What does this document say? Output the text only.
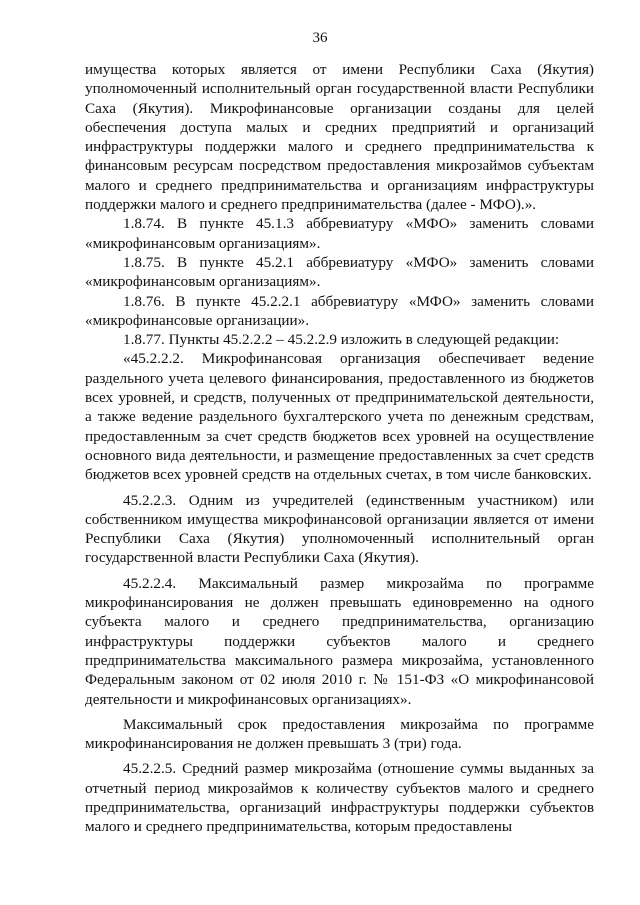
36

имущества которых является от имени Республики Саха (Якутия) уполномоченный исполнительный орган государственной власти Республики Саха (Якутия). Микрофинансовые организации созданы для целей обеспечения доступа малых и средних предприятий и организаций инфраструктуры поддержки малого и среднего предпринимательства к финансовым ресурсам посредством предоставления микрозаймов субъектам малого и среднего предпринимательства и организациям инфраструктуры поддержки малого и среднего предпринимательства (далее - МФО).».

1.8.74. В пункте 45.1.3 аббревиатуру «МФО» заменить словами «микрофинансовым организациям».

1.8.75. В пункте 45.2.1 аббревиатуру «МФО» заменить словами «микрофинансовым организациям».

1.8.76. В пункте 45.2.2.1 аббревиатуру «МФО» заменить словами «микрофинансовые организации».

1.8.77. Пункты 45.2.2.2 – 45.2.2.9 изложить в следующей редакции:

«45.2.2.2. Микрофинансовая организация обеспечивает ведение раздельного учета целевого финансирования, предоставленного из бюджетов всех уровней, и средств, полученных от предпринимательской деятельности, а также ведение раздельного бухгалтерского учета по денежным средствам, предоставленным за счет средств бюджетов всех уровней на осуществление основного вида деятельности, и размещение предоставленных за счет средств бюджетов всех уровней средств на отдельных счетах, в том числе банковских.

45.2.2.3. Одним из учредителей (единственным участником) или собственником имущества микрофинансовой организации является от имени Республики Саха (Якутия) уполномоченный исполнительный орган государственной власти Республики Саха (Якутия).

45.2.2.4. Максимальный размер микрозайма по программе микрофинансирования не должен превышать единовременно на одного субъекта малого и среднего предпринимательства, организацию инфраструктуры поддержки субъектов малого и среднего предпринимательства максимального размера микрозайма, установленного Федеральным законом от 02 июля 2010 г. № 151-ФЗ «О микрофинансовой деятельности и микрофинансовых организациях».

Максимальный срок предоставления микрозайма по программе микрофинансирования не должен превышать 3 (три) года.

45.2.2.5. Средний размер микрозайма (отношение суммы выданных за отчетный период микрозаймов к количеству субъектов малого и среднего предпринимательства, организаций инфраструктуры поддержки субъектов малого и среднего предпринимательства, которым предоставлены
